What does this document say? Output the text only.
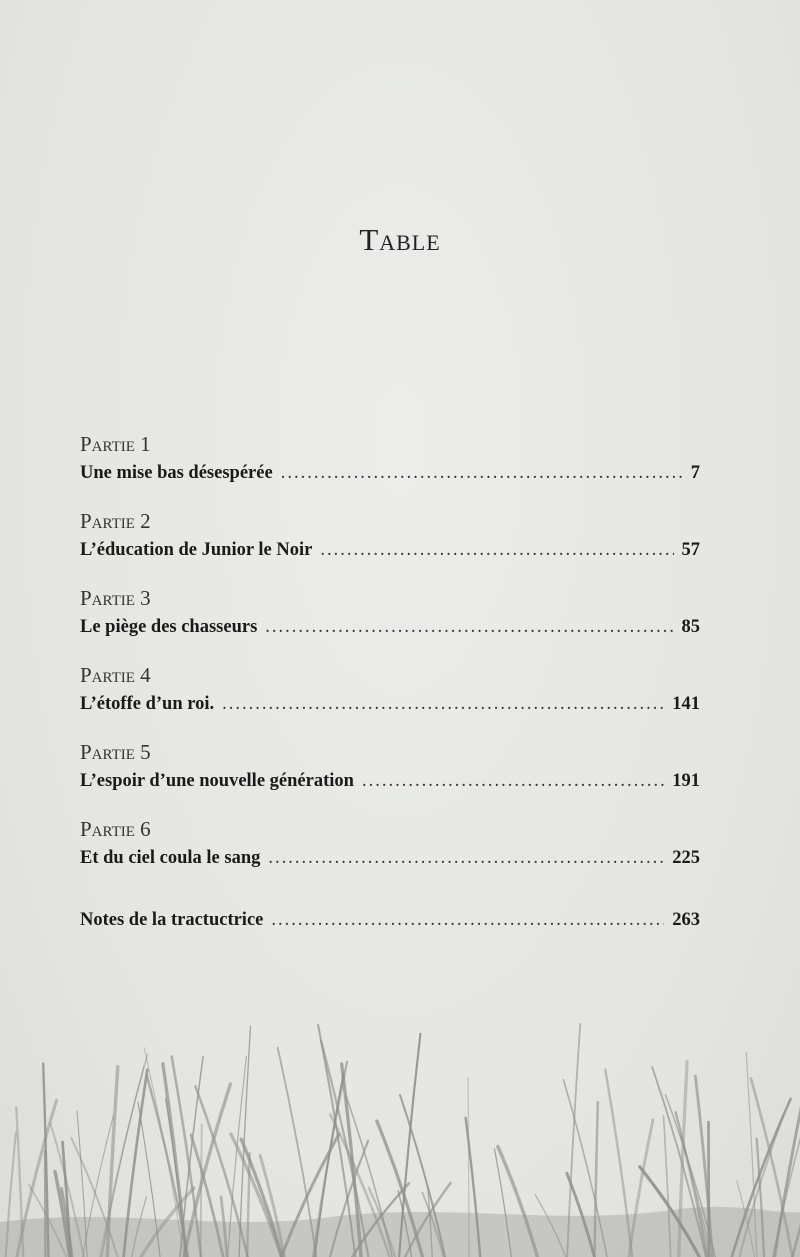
Table
Partie 1
Une mise bas désespérée .....	7
Partie 2
L’éducation de Junior le Noir .....	57
Partie 3
Le piège des chasseurs .....	85
Partie 4
L’étoffe d’un roi. .....	141
Partie 5
L’espoir d’une nouvelle génération .....	191
Partie 6
Et du ciel coula le sang .....	225
Notes de la tractuctrice .....	263
